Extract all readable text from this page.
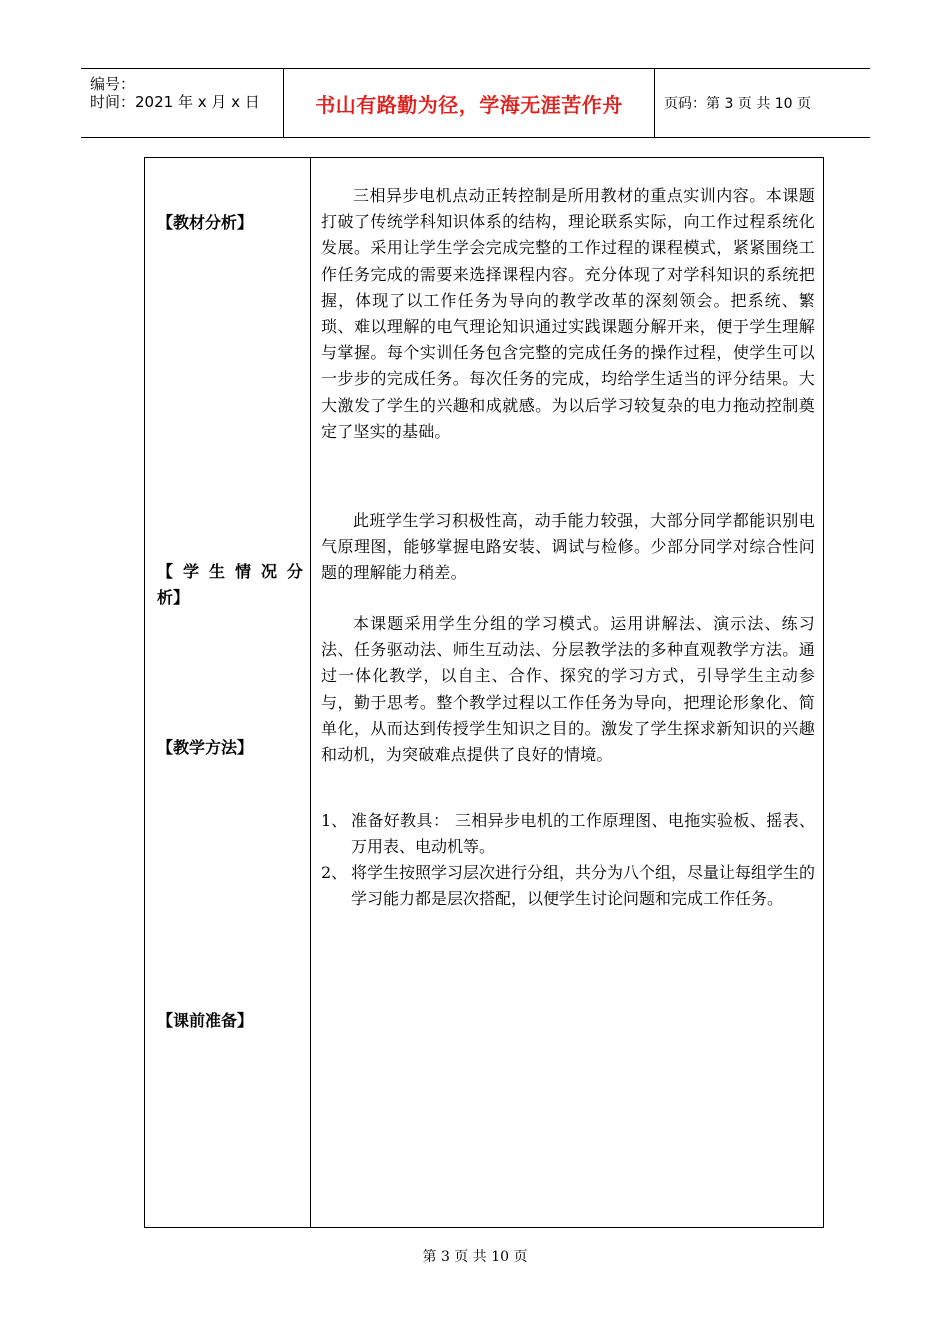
编号：
时间：2021 年 x 月 x 日	书山有路勤为径，学海无涯苦作舟	页码：第 3 页 共 10 页
【教材分析】
三相异步电机点动正转控制是所用教材的重点实训内容。本课题打破了传统学科知识体系的结构，理论联系实际，向工作过程系统化发展。采用让学生学会完成完整的工作过程的课程模式，紧紧围绕工作任务完成的需要来选择课程内容。充分体现了对学科知识的系统把握，体现了以工作任务为导向的教学改革的深刻领会。把系统、繁琐、难以理解的电气理论知识通过实践课题分解开来，便于学生理解与掌握。每个实训任务包含完整的完成任务的操作过程，使学生可以一步步的完成任务。每次任务的完成，均给学生适当的评分结果。大大激发了学生的兴趣和成就感。为以后学习较复杂的电力拖动控制奠定了坚实的基础。
【 学 生 情 况 分
析】
此班学生学习积极性高，动手能力较强，大部分同学都能识别电气原理图，能够掌握电路安装、调试与检修。少部分同学对综合性问题的理解能力稍差。
【教学方法】
本课题采用学生分组的学习模式。运用讲解法、演示法、练习法、任务驱动法、师生互动法、分层教学法的多种直观教学方法。通过一体化教学，以自主、合作、探究的学习方式，引导学生主动参与，勤于思考。整个教学过程以工作任务为导向，把理论形象化、简单化，从而达到传授学生知识之目的。激发了学生探求新知识的兴趣和动机，为突破难点提供了良好的情境。
【课前准备】
1、 准备好教具： 三相异步电机的工作原理图、电拖实验板、摇表、万用表、电动机等。
2、 将学生按照学习层次进行分组，共分为八个组，尽量让每组学生的学习能力都是层次搭配，以便学生讨论问题和完成工作任务。
第 3 页 共 10 页
